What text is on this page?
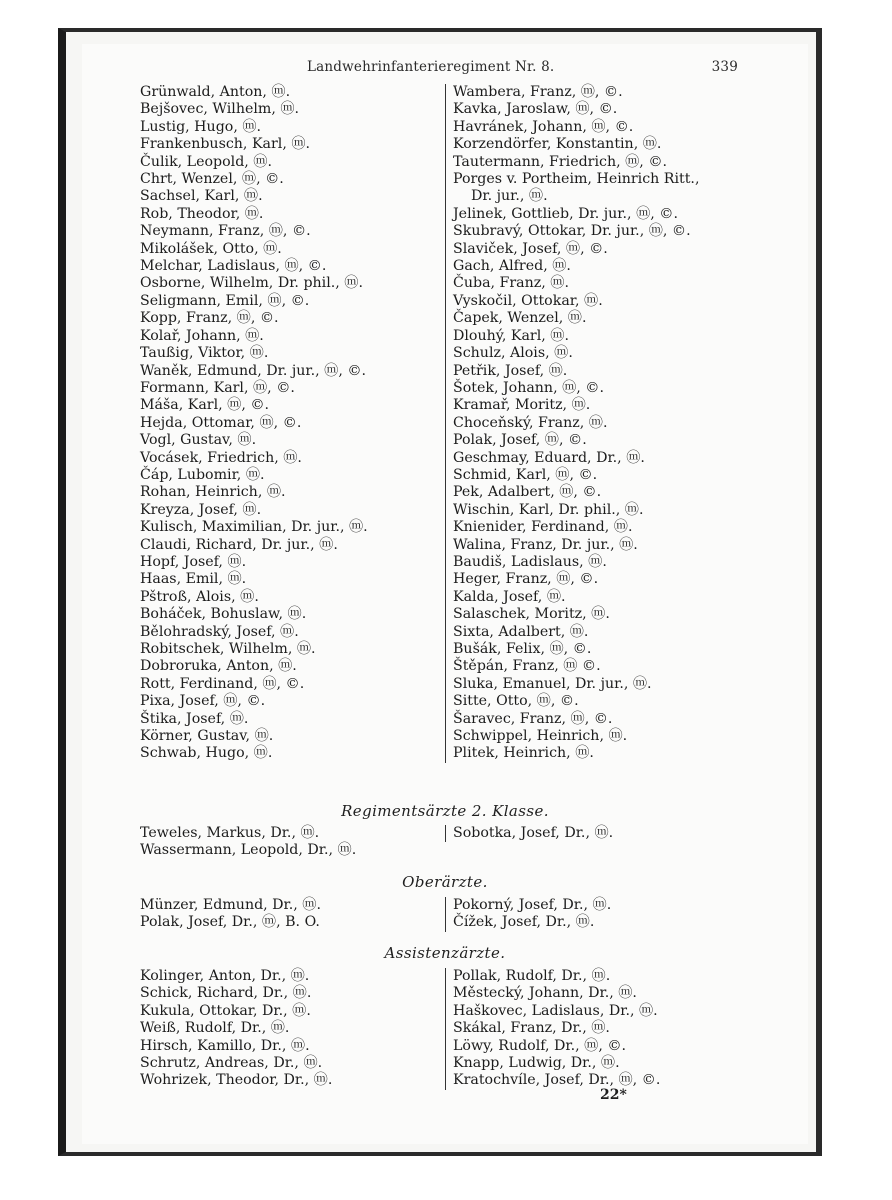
Landwehrinfanterieregiment Nr. 8.	339
Grünwald, Anton, ⓜ.
Bejšovec, Wilhelm, ⓜ.
Lustig, Hugo, ⓜ.
Frankenbusch, Karl, ⓜ.
Čulik, Leopold, ⓜ.
Chrt, Wenzel, ⓜ, ©.
Sachsel, Karl, ⓜ.
Rob, Theodor, ⓜ.
Neymann, Franz, ⓜ, ©.
Mikolášek, Otto, ⓜ.
Melchar, Ladislaus, ⓜ, ©.
Osborne, Wilhelm, Dr. phil., ⓜ.
Seligmann, Emil, ⓜ, ©.
Kopp, Franz, ⓜ, ©.
Kolař, Johann, ⓜ.
Taußig, Viktor, ⓜ.
Waněk, Edmund, Dr. jur., ⓜ, ©.
Formann, Karl, ⓜ, ©.
Máša, Karl, ⓜ, ©.
Hejda, Ottomar, ⓜ, ©.
Vogl, Gustav, ⓜ.
Vocásek, Friedrich, ⓜ.
Čáp, Lubomir, ⓜ.
Rohan, Heinrich, ⓜ.
Kreyza, Josef, ⓜ.
Kulisch, Maximilian, Dr. jur., ⓜ.
Claudi, Richard, Dr. jur., ⓜ.
Hopf, Josef, ⓜ.
Haas, Emil, ⓜ.
Pštroß, Alois, ⓜ.
Boháček, Bohuslaw, ⓜ.
Bělohradský, Josef, ⓜ.
Robitschek, Wilhelm, ⓜ.
Dobroruka, Anton, ⓜ.
Rott, Ferdinand, ⓜ, ©.
Pixa, Josef, ⓜ, ©.
Štika, Josef, ⓜ.
Körner, Gustav, ⓜ.
Schwab, Hugo, ⓜ.
Wambera, Franz, ⓜ, ©.
Kavka, Jaroslaw, ⓜ, ©.
Havránek, Johann, ⓜ, ©.
Korzendörfer, Konstantin, ⓜ.
Tautermann, Friedrich, ⓜ, ©.
Porges v. Portheim, Heinrich Ritt.,
Dr. jur., ⓜ.
Jelinek, Gottlieb, Dr. jur., ⓜ, ©.
Skubravý, Ottokar, Dr. jur., ⓜ, ©.
Slaviček, Josef, ⓜ, ©.
Gach, Alfred, ⓜ.
Čuba, Franz, ⓜ.
Vyskočil, Ottokar, ⓜ.
Čapek, Wenzel, ⓜ.
Dlouhý, Karl, ⓜ.
Schulz, Alois, ⓜ.
Petřik, Josef, ⓜ.
Šotek, Johann, ⓜ, ©.
Kramař, Moritz, ⓜ.
Choceňský, Franz, ⓜ.
Polak, Josef, ⓜ, ©.
Geschmay, Eduard, Dr., ⓜ.
Schmid, Karl, ⓜ, ©.
Pek, Adalbert, ⓜ, ©.
Wischin, Karl, Dr. phil., ⓜ.
Knienider, Ferdinand, ⓜ.
Walina, Franz, Dr. jur., ⓜ.
Baudiš, Ladislaus, ⓜ.
Heger, Franz, ⓜ, ©.
Kalda, Josef, ⓜ.
Salaschek, Moritz, ⓜ.
Sixta, Adalbert, ⓜ.
Bušák, Felix, ⓜ, ©.
Štěpán, Franz, ⓜ ©.
Sluka, Emanuel, Dr. jur., ⓜ.
Sitte, Otto, ⓜ, ©.
Šaravec, Franz, ⓜ, ©.
Schwippel, Heinrich, ⓜ.
Plitek, Heinrich, ⓜ.
Regimentsärzte 2. Klasse.
Teweles, Markus, Dr., ⓜ.
Wassermann, Leopold, Dr., ⓜ.
Sobotka, Josef, Dr., ⓜ.
Oberärzte.
Münzer, Edmund, Dr., ⓜ.
Polak, Josef, Dr., ⓜ, B. O.
Pokorný, Josef, Dr., ⓜ.
Čížek, Josef, Dr., ⓜ.
Assistenzärzte.
Kolinger, Anton, Dr., ⓜ.
Schick, Richard, Dr., ⓜ.
Kukula, Ottokar, Dr., ⓜ.
Weiß, Rudolf, Dr., ⓜ.
Hirsch, Kamillo, Dr., ⓜ.
Schrutz, Andreas, Dr., ⓜ.
Wohrizek, Theodor, Dr., ⓜ.
Pollak, Rudolf, Dr., ⓜ.
Městecký, Johann, Dr., ⓜ.
Haškovec, Ladislaus, Dr., ⓜ.
Skákal, Franz, Dr., ⓜ.
Löwy, Rudolf, Dr., ⓜ, ©.
Knapp, Ludwig, Dr., ⓜ.
Kratochvíle, Josef, Dr., ⓜ, ©.
22*
